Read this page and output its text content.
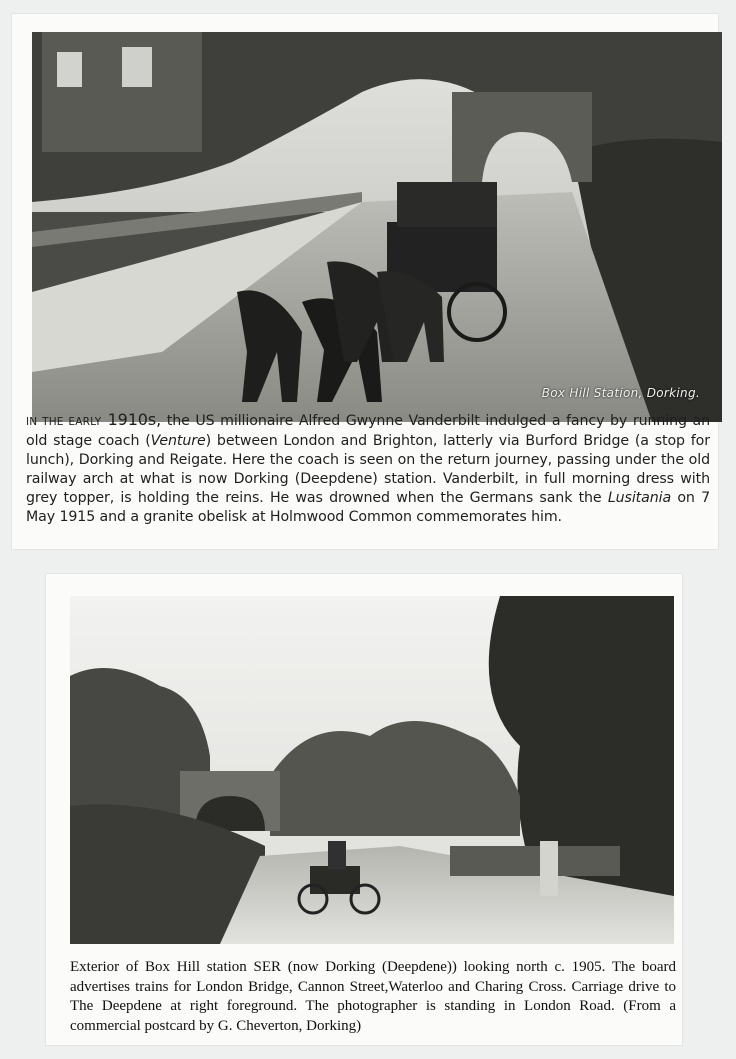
Box Hill Station, Dorking.

IN THE EARLY 1910s, the US millionaire Alfred Gwynne Vanderbilt indulged a fancy by running an old stage coach (Venture) between London and Brighton, latterly via Burford Bridge (a stop for lunch), Dorking and Reigate. Here the coach is seen on the return journey, passing under the old railway arch at what is now Dorking (Deepdene) station. Vanderbilt, in full morning dress with grey topper, is holding the reins. He was drowned when the Germans sank the Lusitania on 7 May 1915 and a granite obelisk at Holmwood Common commemorates him.

Exterior of Box Hill station SER (now Dorking (Deepdene)) looking north c. 1905. The board advertises trains for London Bridge, Cannon Street,Waterloo and Charing Cross. Carriage drive to The Deepdene at right foreground. The photographer is standing in London Road. (From a commercial postcard by G. Cheverton, Dorking)
